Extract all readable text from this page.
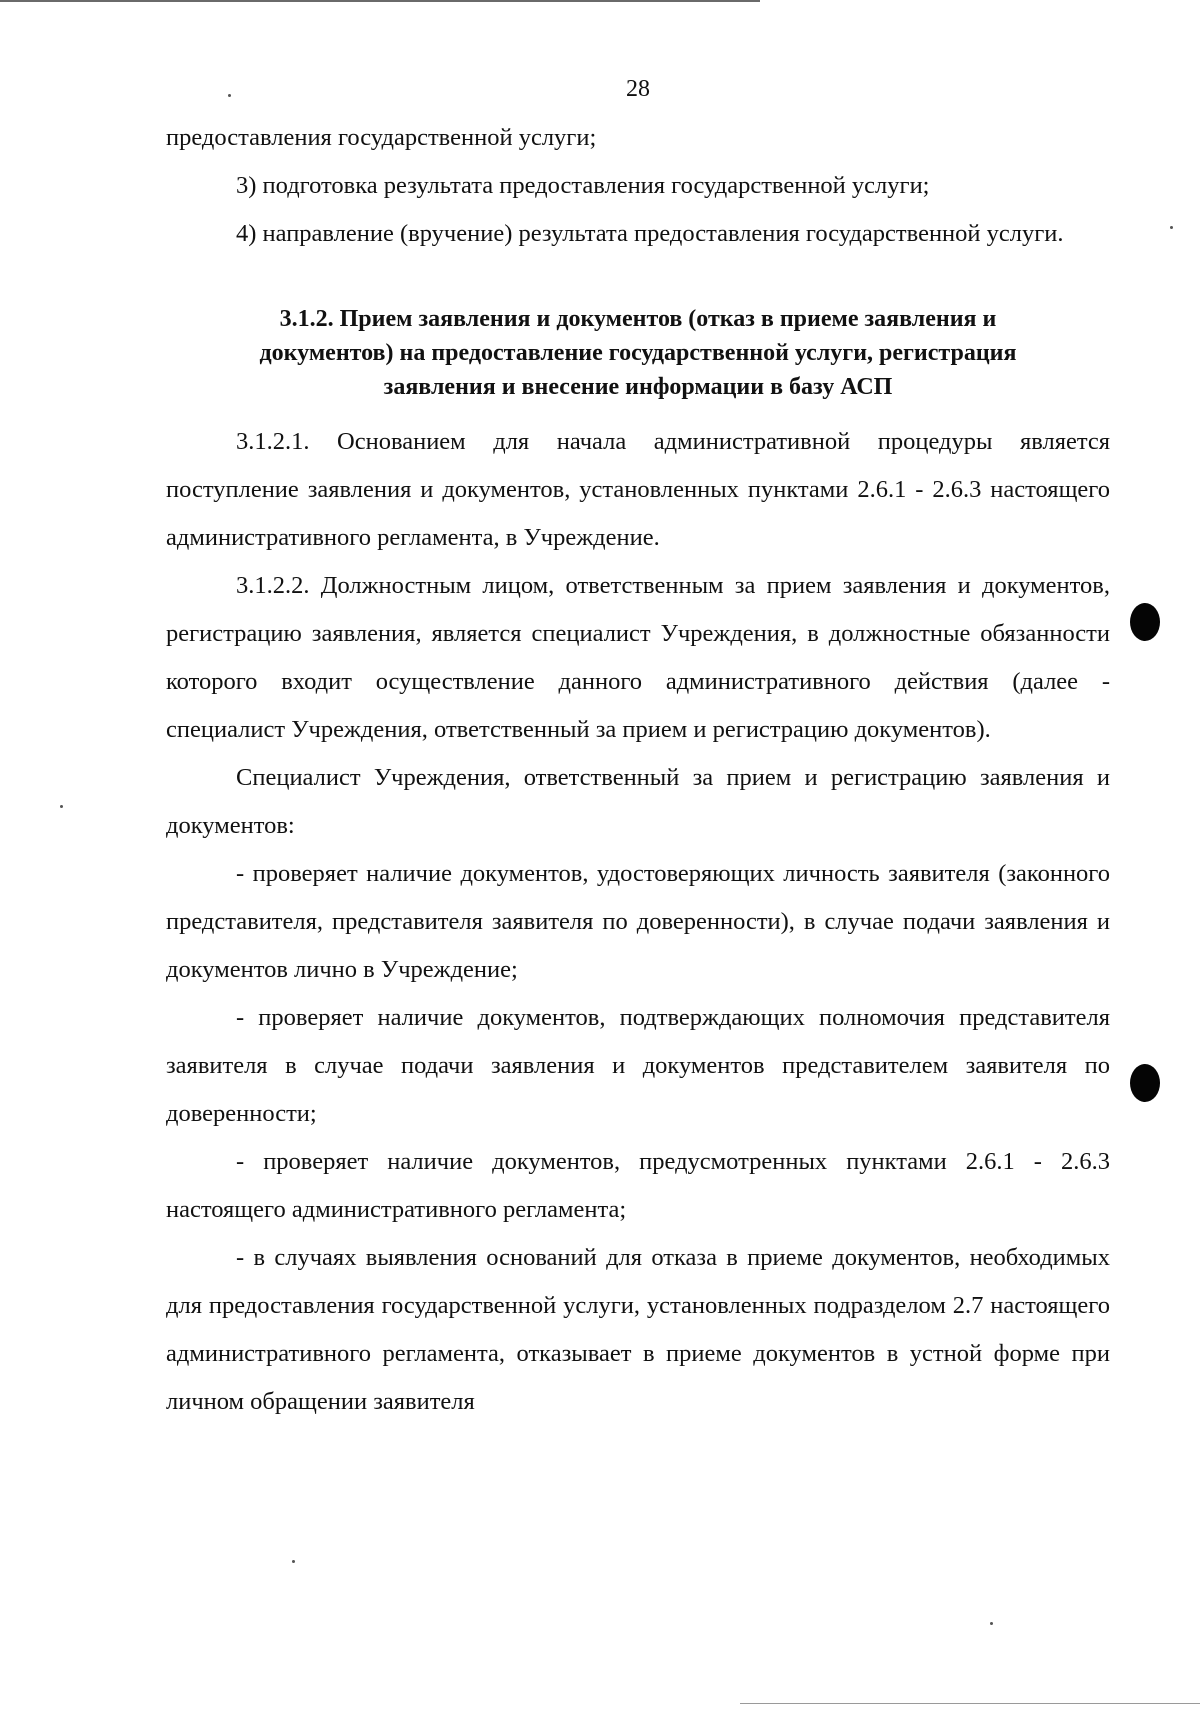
28

предоставления государственной услуги;

3) подготовка результата предоставления государственной услуги;

4) направление (вручение) результата предоставления государственной услуги.

3.1.2. Прием заявления и документов (отказ в приеме заявления и
документов) на предоставление государственной услуги, регистрация
заявления и внесение информации в базу АСП

3.1.2.1. Основанием для начала административной процедуры является поступление заявления и документов, установленных пунктами 2.6.1 - 2.6.3 настоящего административного регламента, в Учреждение.

3.1.2.2. Должностным лицом, ответственным за прием заявления и документов, регистрацию заявления, является специалист Учреждения, в должностные обязанности которого входит осуществление данного административного действия (далее - специалист Учреждения, ответственный за прием и регистрацию документов).

Специалист Учреждения, ответственный за прием и регистрацию заявления и документов:

- проверяет наличие документов, удостоверяющих личность заявителя (законного представителя, представителя заявителя по доверенности), в случае подачи заявления и документов лично в Учреждение;

- проверяет наличие документов, подтверждающих полномочия представителя заявителя в случае подачи заявления и документов представителем заявителя по доверенности;

- проверяет наличие документов, предусмотренных пунктами 2.6.1 - 2.6.3 настоящего административного регламента;

- в случаях выявления оснований для отказа в приеме документов, необходимых для предоставления государственной услуги, установленных подразделом 2.7 настоящего административного регламента, отказывает в приеме документов в устной форме при личном обращении заявителя
